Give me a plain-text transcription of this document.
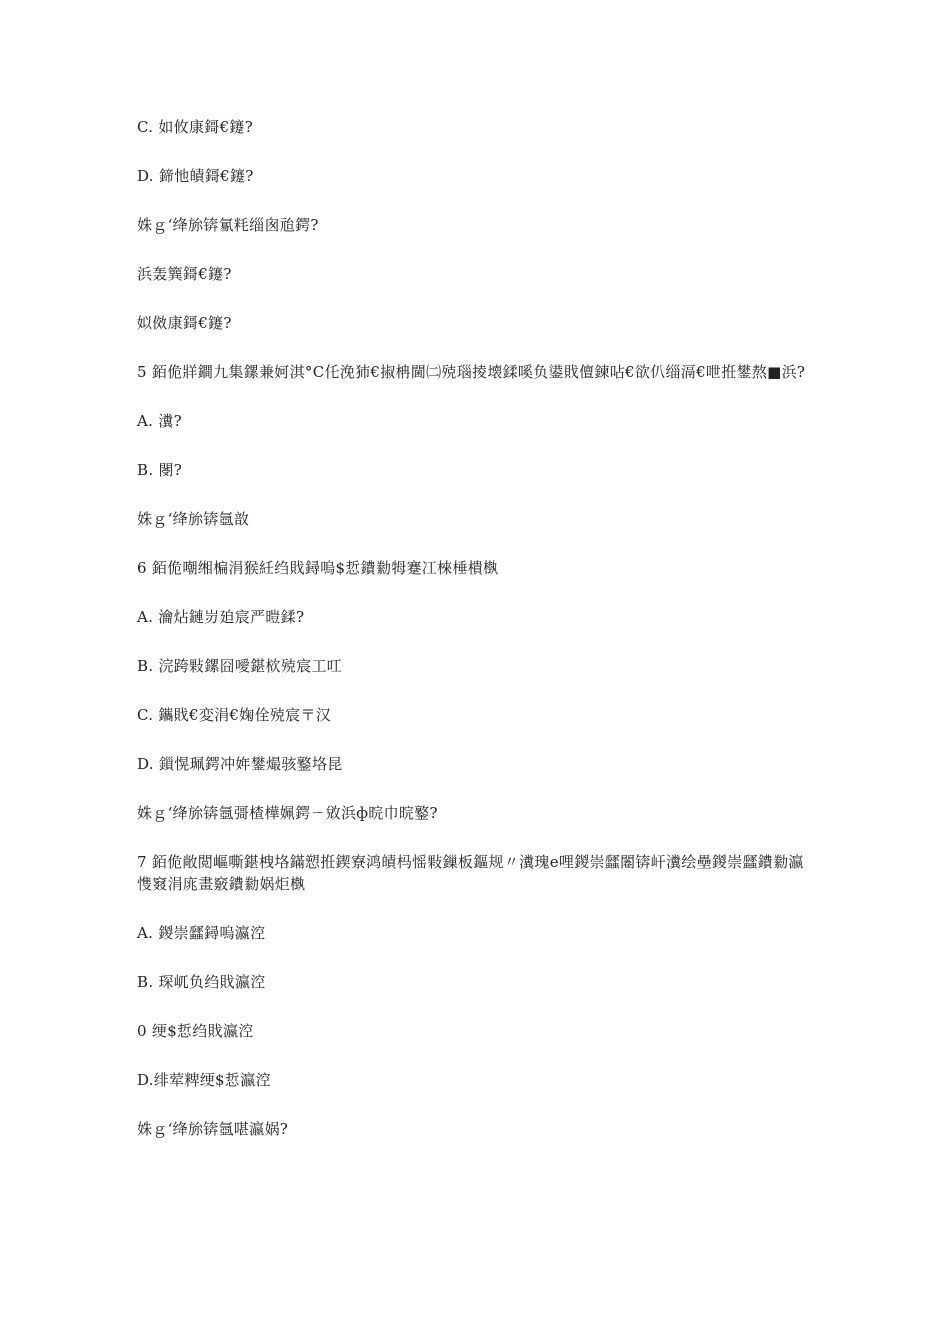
C. 如攸康鎶€鑳?

D. 鍗忚皟鎶€鑳?

姝ｇ‘绛旀锛氱粍缁囪兘鍔?

浜轰簨鎶€鑳?

姒傚康鎶€鑳?

5 銆佹牂鐧九集鏍兼妸淇°С仛浼犻€掓柟閫㈡殑瑙掕壊鍒嗘负鍙戝儃鍊呫€欲仈缁滆€呭拰鐢熬■浜?

A. 瀵?

B. 閿?

姝ｇ‘绛旀锛氬敨

6 銆佹嘲缃楄涓猴紝绉戝鐞嗚$悊鐨勬牳蹇冮棶棰樻槸

A. 瀹炶鏈岃廹宸严暟鍒?

B. 浣跨敤鏍囧噯鍖栨殑宸工叿

C. 鑴戝€変涓€婅佺殑宸〒汉

D. 鎻愰珮鍔冲姩鐢熶骇鐜垎昆

姝ｇ‘绛旀锛氬彁楂樺姵鍔ㄧ敓浜ф晥巾晥鐜?

7 銆佹敞閲嶇嘶鍖栧垎鏋愬拰鍥寮鸿皟杩愮敤鏁板鏂规〃瀵瑰e哩鍐崇瓥闂锛屽瀵绘壘鍐崇瓥鐨勬瀛愯窡涓庣畫竅鐨勬娲炬槸

A. 鍐崇瓥鐞嗚瀛涳

B. 琛屼负绉戝瀛涳

0 绠$悊绉戝瀛涳

D.绯荤粺绠$悊瀛涳

姝ｇ‘绛旀锛氬啿瀛娲?
